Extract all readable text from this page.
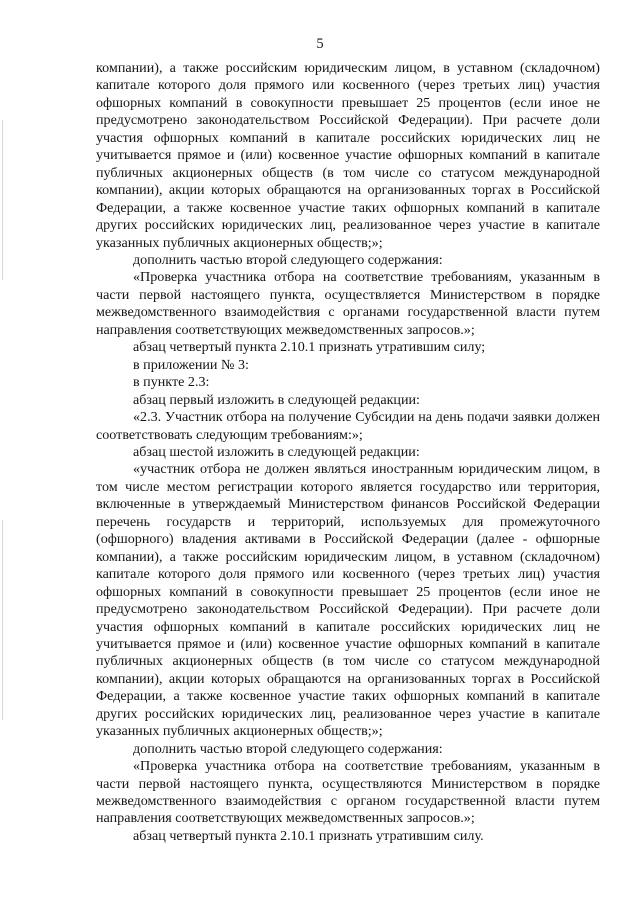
5

компании), а также российским юридическим лицом, в уставном (складочном) капитале которого доля прямого или косвенного (через третьих лиц) участия офшорных компаний в совокупности превышает 25 процентов (если иное не предусмотрено законодательством Российской Федерации). При расчете доли участия офшорных компаний в капитале российских юридических лиц не учитывается прямое и (или) косвенное участие офшорных компаний в капитале публичных акционерных обществ (в том числе со статусом международной компании), акции которых обращаются на организованных торгах в Российской Федерации, а также косвенное участие таких офшорных компаний в капитале других российских юридических лиц, реализованное через участие в капитале указанных публичных акционерных обществ;»;

дополнить частью второй следующего содержания:

«Проверка участника отбора на соответствие требованиям, указанным в части первой настоящего пункта, осуществляется Министерством в порядке межведомственного взаимодействия с органами государственной власти путем направления соответствующих межведомственных запросов.»;

абзац четвертый пункта 2.10.1 признать утратившим силу;

в приложении № 3:

в пункте 2.3:

абзац первый изложить в следующей редакции:

«2.3. Участник отбора на получение Субсидии на день подачи заявки должен соответствовать следующим требованиям:»;

абзац шестой изложить в следующей редакции:

«участник отбора не должен являться иностранным юридическим лицом, в том числе местом регистрации которого является государство или территория, включенные в утверждаемый Министерством финансов Российской Федерации перечень государств и территорий, используемых для промежуточного (офшорного) владения активами в Российской Федерации (далее - офшорные компании), а также российским юридическим лицом, в уставном (складочном) капитале которого доля прямого или косвенного (через третьих лиц) участия офшорных компаний в совокупности превышает 25 процентов (если иное не предусмотрено законодательством Российской Федерации). При расчете доли участия офшорных компаний в капитале российских юридических лиц не учитывается прямое и (или) косвенное участие офшорных компаний в капитале публичных акционерных обществ (в том числе со статусом международной компании), акции которых обращаются на организованных торгах в Российской Федерации, а также косвенное участие таких офшорных компаний в капитале других российских юридических лиц, реализованное через участие в капитале указанных публичных акционерных обществ;»;

дополнить частью второй следующего содержания:

«Проверка участника отбора на соответствие требованиям, указанным в части первой настоящего пункта, осуществляются Министерством в порядке межведомственного взаимодействия с органом государственной власти путем направления соответствующих межведомственных запросов.»;

абзац четвертый пункта 2.10.1 признать утратившим силу.
